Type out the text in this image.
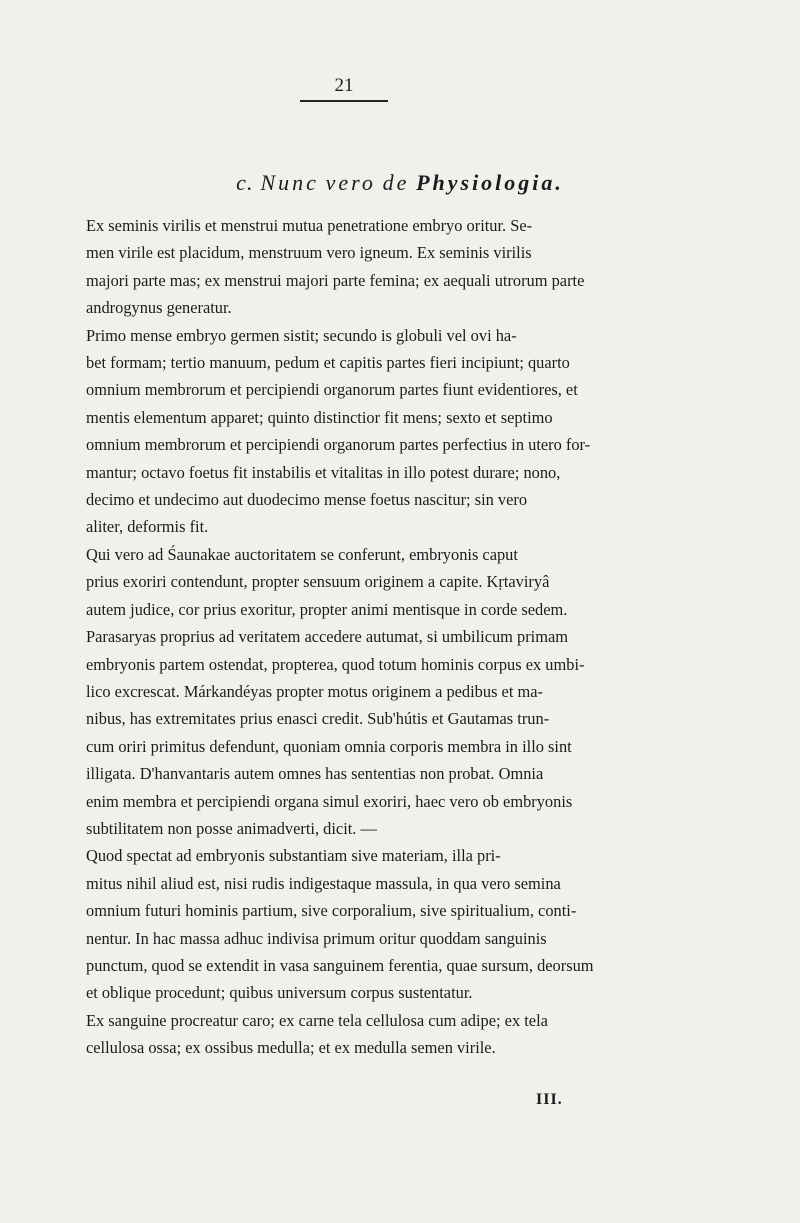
21
c. Nunc vero de Physiologia.

Ex seminis virilis et menstrui mutua penetratione embryo oritur. Se-
men virile est placidum, menstruum vero igneum. Ex seminis virilis
majori parte mas; ex menstrui majori parte femina; ex aequali utrorum parte
androgynus generatur.

Primo mense embryo germen sistit; secundo is globuli vel ovi ha-
bet formam; tertio manuum, pedum et capitis partes fieri incipiunt; quarto
omnium membrorum et percipiendi organorum partes fiunt evidentiores, et
mentis elementum apparet; quinto distinctior fit mens; sexto et septimo
omnium membrorum et percipiendi organorum partes perfectius in utero for-
mantur; octavo foetus fit instabilis et vitalitas in illo potest durare; nono,
decimo et undecimo aut duodecimo mense foetus nascitur; sin vero
aliter, deformis fit.

Qui vero ad Śaunakae auctoritatem se conferunt, embryonis caput
prius exoriri contendunt, propter sensuum originem a capite. Kṛtaviryâ
autem judice, cor prius exoritur, propter animi mentisque in corde sedem.
Parasaryas proprius ad veritatem accedere autumat, si umbilicum primam
embryonis partem ostendat, propterea, quod totum hominis corpus ex umbi-
lico excrescat. Márkandéyas propter motus originem a pedibus et ma-
nibus, has extremitates prius enasci credit. Sub'hútis et Gautamas trun-
cum oriri primitus defendunt, quoniam omnia corporis membra in illo sint
illigata. D'hanvantaris autem omnes has sententias non probat. Omnia
enim membra et percipiendi organa simul exoriri, haec vero ob embryonis
subtilitatem non posse animadverti, dicit. —

Quod spectat ad embryonis substantiam sive materiam, illa pri-
mitus nihil aliud est, nisi rudis indigestaque massula, in qua vero semina
omnium futuri hominis partium, sive corporalium, sive spiritualium, conti-
nentur. In hac massa adhuc indivisa primum oritur quoddam sanguinis
punctum, quod se extendit in vasa sanguinem ferentia, quae sursum, deorsum
et oblique procedunt; quibus universum corpus sustentatur.

Ex sanguine procreatur caro; ex carne tela cellulosa cum adipe; ex tela
cellulosa ossa; ex ossibus medulla; et ex medulla semen virile.

III.
